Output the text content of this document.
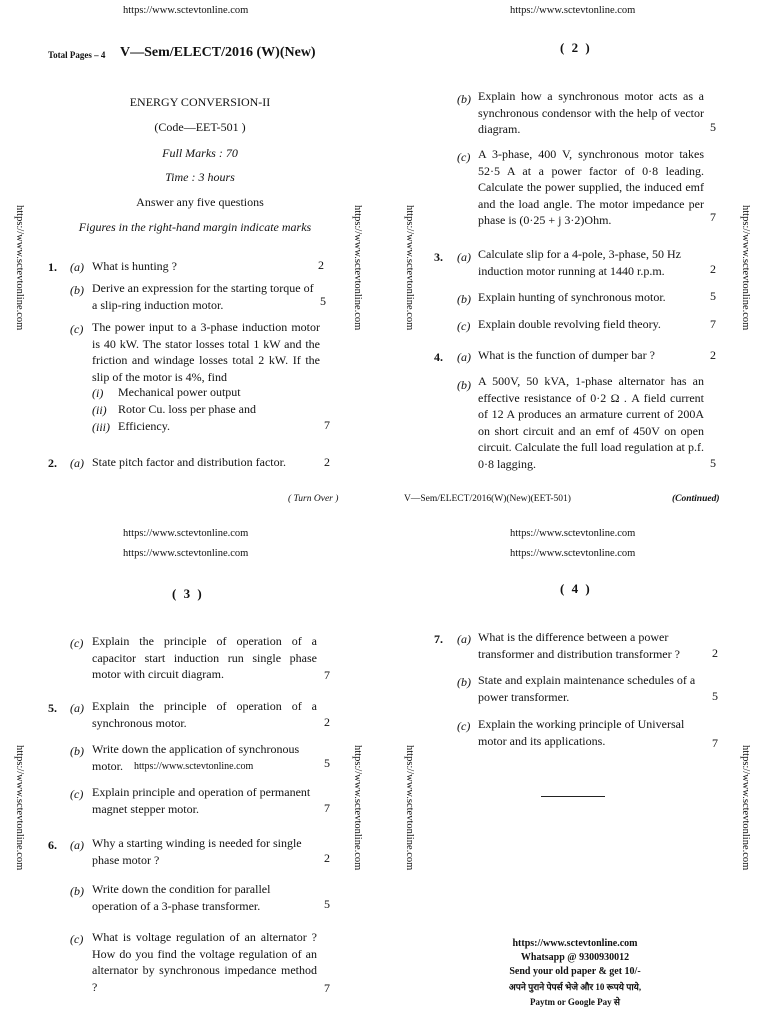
https://www.sctevtonline.com	https://www.sctevtonline.com
https://www.sctevtonline.com	https://www.sctevtonline.com
https://www.sctevtonline.com	https://www.sctevtonline.com
https://www.sctevtonline.com	https://www.sctevtonline.com	https://www.sctevtonline.com	https://www.sctevtonline.com
https://www.sctevtonline.com	https://www.sctevtonline.com	https://www.sctevtonline.com	https://www.sctevtonline.com
Total Pages – 4 V—Sem/ELECT/2016 (W)(New)
ENERGY CONVERSION-II
(Code—EET-501 )
Full Marks : 70
Time : 3 hours
Answer any five questions
Figures in the right-hand margin indicate marks
1. (a) What is hunting ?	2
(b) Derive an expression for the starting torque of a slip-ring induction motor.	5
(c) The power input to a 3-phase induction motor is 40 kW. The stator losses total 1 kW and the friction and windage losses total 2 kW. If the slip of the motor is 4%, find
(i) Mechanical power output
(ii) Rotor Cu. loss per phase and
(iii) Efficiency.	7
2. (a) State pitch factor and distribution factor.	2
( Turn Over )
( 2 )
(b) Explain how a synchronous motor acts as a synchronous condensor with the help of vector diagram.	5
(c) A 3-phase, 400 V, synchronous motor takes 52·5 A at a power factor of 0·8 leading. Calculate the power supplied, the induced emf and the load angle. The motor impedance per phase is (0·25 + j 3·2)Ohm.	7
3. (a) Calculate slip for a 4-pole, 3-phase, 50 Hz induction motor running at 1440 r.p.m.	2
(b) Explain hunting of synchronous motor.	5
(c) Explain double revolving field theory.	7
4. (a) What is the function of dumper bar ?	2
(b) A 500V, 50 kVA, 1-phase alternator has an effective resistance of 0·2 Ω . A field current of 12 A produces an armature current of 200A on short circuit and an emf of 450V on open circuit. Calculate the full load regulation at p.f. 0·8 lagging.	5
V—Sem/ELECT/2016(W)(New)(EET-501)	(Continued)
( 3 )
(c) Explain the principle of operation of a capacitor start induction run single phase motor with circuit diagram.	7
5. (a) Explain the principle of operation of a synchronous motor.	2
(b) Write down the application of synchronous motor.	https://www.sctevtonline.com	5
(c) Explain principle and operation of permanent magnet stepper motor.	7
6. (a) Why a starting winding is needed for single phase motor ?	2
(b) Write down the condition for parallel operation of a 3-phase transformer.	5
(c) What is voltage regulation of an alternator ? How do you find the voltage regulation of an alternator by synchronous impedance method ?	7
( 4 )
7. (a) What is the difference between a power transformer and distribution transformer ?	2
(b) State and explain maintenance schedules of a power transformer.	5
(c) Explain the working principle of Universal motor and its applications.	7
https://www.sctevtonline.com
Whatsapp @ 9300930012
Send your old paper & get 10/-
अपने पुराने पेपर्स भेजे और 10 रूपये पाये,
Paytm or Google Pay से
